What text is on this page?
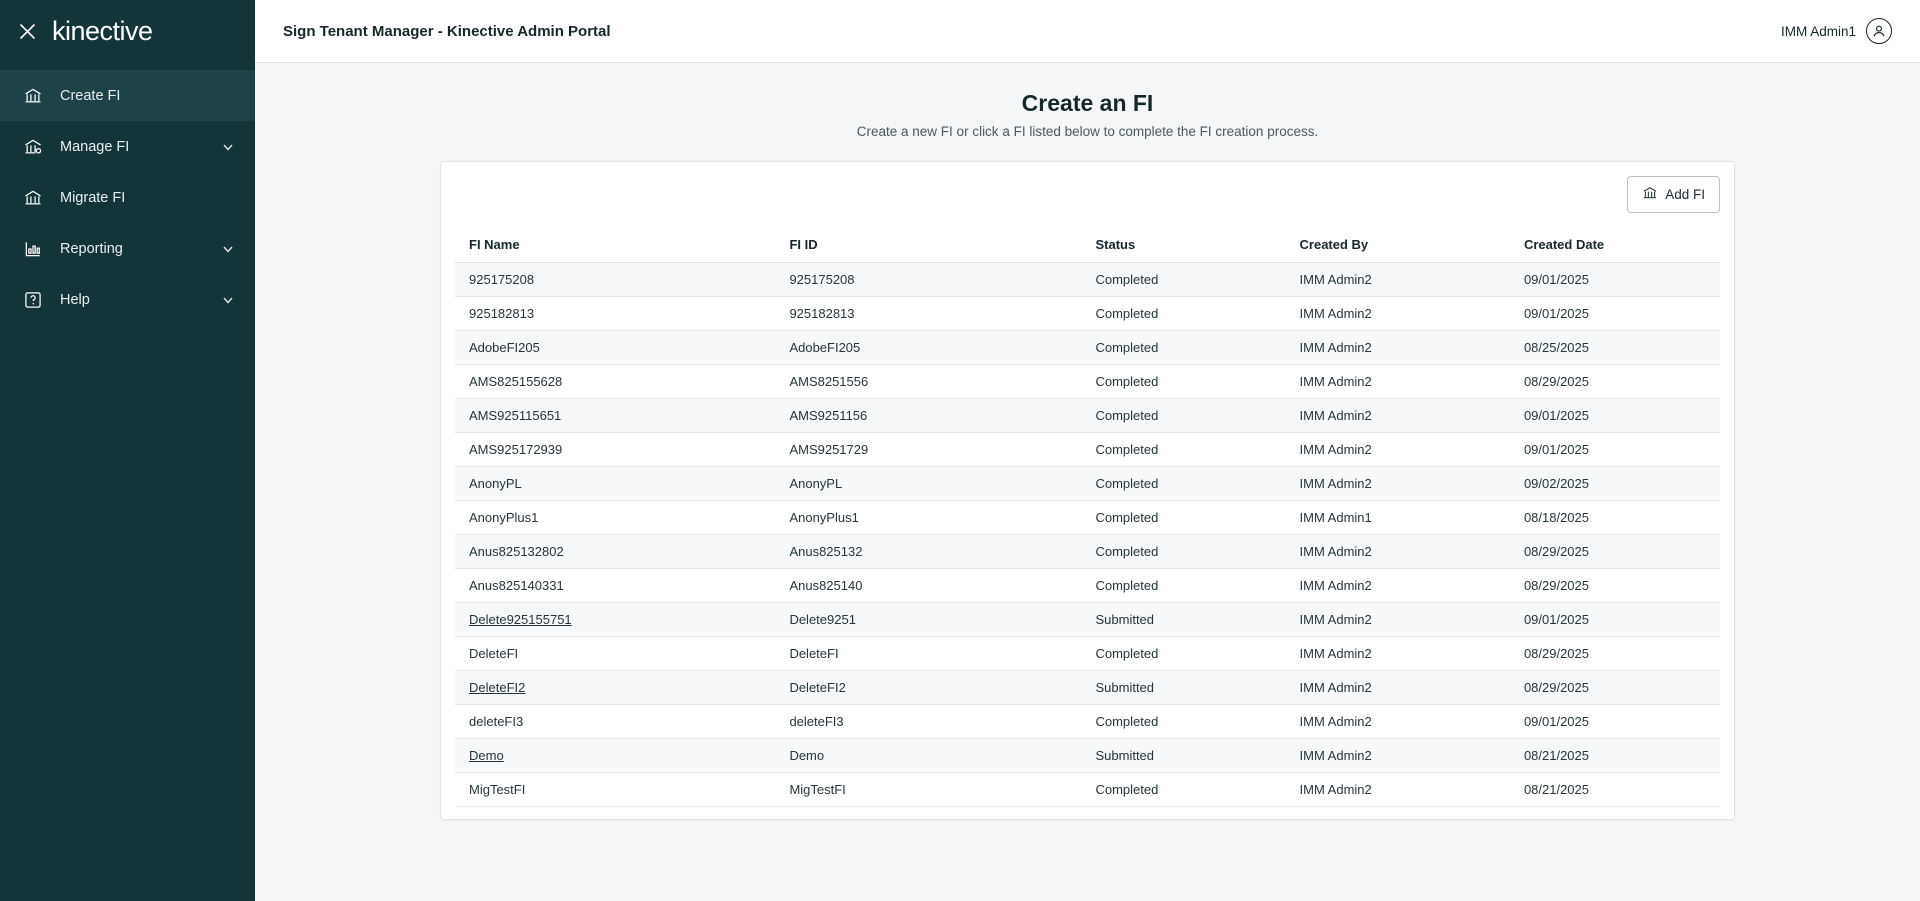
kinective
Create FI
Manage FI
Migrate FI
Reporting
Help
Sign Tenant Manager - Kinective Admin Portal	IMM Admin1
Create an FI

Create a new FI or click a FI listed below to complete the FI creation process.

Add FI
FI Name	FI ID	Status	Created By	Created Date
925175208	925175208	Completed	IMM Admin2	09/01/2025
925182813	925182813	Completed	IMM Admin2	09/01/2025
AdobeFI205	AdobeFI205	Completed	IMM Admin2	08/25/2025
AMS825155628	AMS8251556	Completed	IMM Admin2	08/29/2025
AMS925115651	AMS9251156	Completed	IMM Admin2	09/01/2025
AMS925172939	AMS9251729	Completed	IMM Admin2	09/01/2025
AnonyPL	AnonyPL	Completed	IMM Admin2	09/02/2025
AnonyPlus1	AnonyPlus1	Completed	IMM Admin1	08/18/2025
Anus825132802	Anus825132	Completed	IMM Admin2	08/29/2025
Anus825140331	Anus825140	Completed	IMM Admin2	08/29/2025
Delete925155751	Delete9251	Submitted	IMM Admin2	09/01/2025
DeleteFI	DeleteFI	Completed	IMM Admin2	08/29/2025
DeleteFI2	DeleteFI2	Submitted	IMM Admin2	08/29/2025
deleteFI3	deleteFI3	Completed	IMM Admin2	09/01/2025
Demo	Demo	Submitted	IMM Admin2	08/21/2025
MigTestFI	MigTestFI	Completed	IMM Admin2	08/21/2025
